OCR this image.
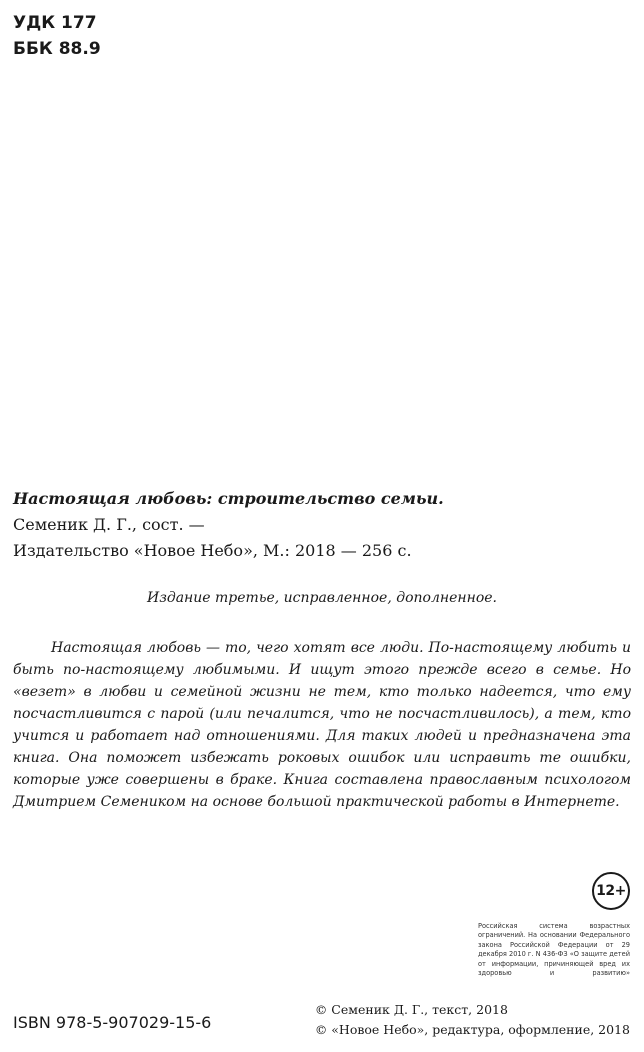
УДК 177
ББК 88.9
Настоящая любовь: строительство семьи.
Семеник Д. Г., сост. —
Издательство «Новое Небо», М.: 2018 — 256 с.
Издание третье, исправленное, дополненное.

Настоящая любовь — то, чего хотят все люди. По-настоящему любить и быть по-настоящему любимыми. И ищут этого прежде всего в семье. Но «везет» в любви и семейной жизни не тем, кто только надеется, что ему посчастливится с парой (или печалится, что не посчастливилось), а тем, кто учится и работает над отношениями. Для таких людей и предназначена эта книга. Она поможет избежать роковых ошибок или исправить те ошибки, которые уже совершены в браке. Книга составлена православным психологом Дмитрием Семеником на основе большой практической работы в Интернете.

12+
Российская система возрастных ограничений. На основании Федерального закона Российской Федерации от 29 декабря 2010 г. N 436-ФЗ «О защите детей от информации, причиняющей вред их здоровью и развитию»
ISBN 978-5-907029-15-6
© Семеник Д. Г., текст, 2018
© «Новое Небо», редактура, оформление, 2018
